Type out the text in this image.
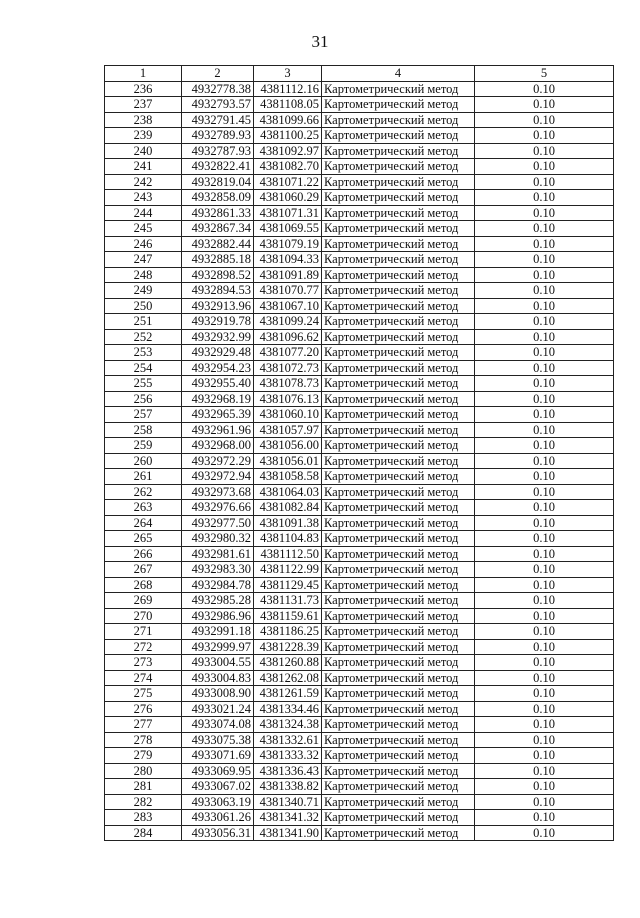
31
1	2	3	4	5
236	4932778.38	4381112.16	Картометрический метод	0.10
237	4932793.57	4381108.05	Картометрический метод	0.10
238	4932791.45	4381099.66	Картометрический метод	0.10
239	4932789.93	4381100.25	Картометрический метод	0.10
240	4932787.93	4381092.97	Картометрический метод	0.10
241	4932822.41	4381082.70	Картометрический метод	0.10
242	4932819.04	4381071.22	Картометрический метод	0.10
243	4932858.09	4381060.29	Картометрический метод	0.10
244	4932861.33	4381071.31	Картометрический метод	0.10
245	4932867.34	4381069.55	Картометрический метод	0.10
246	4932882.44	4381079.19	Картометрический метод	0.10
247	4932885.18	4381094.33	Картометрический метод	0.10
248	4932898.52	4381091.89	Картометрический метод	0.10
249	4932894.53	4381070.77	Картометрический метод	0.10
250	4932913.96	4381067.10	Картометрический метод	0.10
251	4932919.78	4381099.24	Картометрический метод	0.10
252	4932932.99	4381096.62	Картометрический метод	0.10
253	4932929.48	4381077.20	Картометрический метод	0.10
254	4932954.23	4381072.73	Картометрический метод	0.10
255	4932955.40	4381078.73	Картометрический метод	0.10
256	4932968.19	4381076.13	Картометрический метод	0.10
257	4932965.39	4381060.10	Картометрический метод	0.10
258	4932961.96	4381057.97	Картометрический метод	0.10
259	4932968.00	4381056.00	Картометрический метод	0.10
260	4932972.29	4381056.01	Картометрический метод	0.10
261	4932972.94	4381058.58	Картометрический метод	0.10
262	4932973.68	4381064.03	Картометрический метод	0.10
263	4932976.66	4381082.84	Картометрический метод	0.10
264	4932977.50	4381091.38	Картометрический метод	0.10
265	4932980.32	4381104.83	Картометрический метод	0.10
266	4932981.61	4381112.50	Картометрический метод	0.10
267	4932983.30	4381122.99	Картометрический метод	0.10
268	4932984.78	4381129.45	Картометрический метод	0.10
269	4932985.28	4381131.73	Картометрический метод	0.10
270	4932986.96	4381159.61	Картометрический метод	0.10
271	4932991.18	4381186.25	Картометрический метод	0.10
272	4932999.97	4381228.39	Картометрический метод	0.10
273	4933004.55	4381260.88	Картометрический метод	0.10
274	4933004.83	4381262.08	Картометрический метод	0.10
275	4933008.90	4381261.59	Картометрический метод	0.10
276	4933021.24	4381334.46	Картометрический метод	0.10
277	4933074.08	4381324.38	Картометрический метод	0.10
278	4933075.38	4381332.61	Картометрический метод	0.10
279	4933071.69	4381333.32	Картометрический метод	0.10
280	4933069.95	4381336.43	Картометрический метод	0.10
281	4933067.02	4381338.82	Картометрический метод	0.10
282	4933063.19	4381340.71	Картометрический метод	0.10
283	4933061.26	4381341.32	Картометрический метод	0.10
284	4933056.31	4381341.90	Картометрический метод	0.10
